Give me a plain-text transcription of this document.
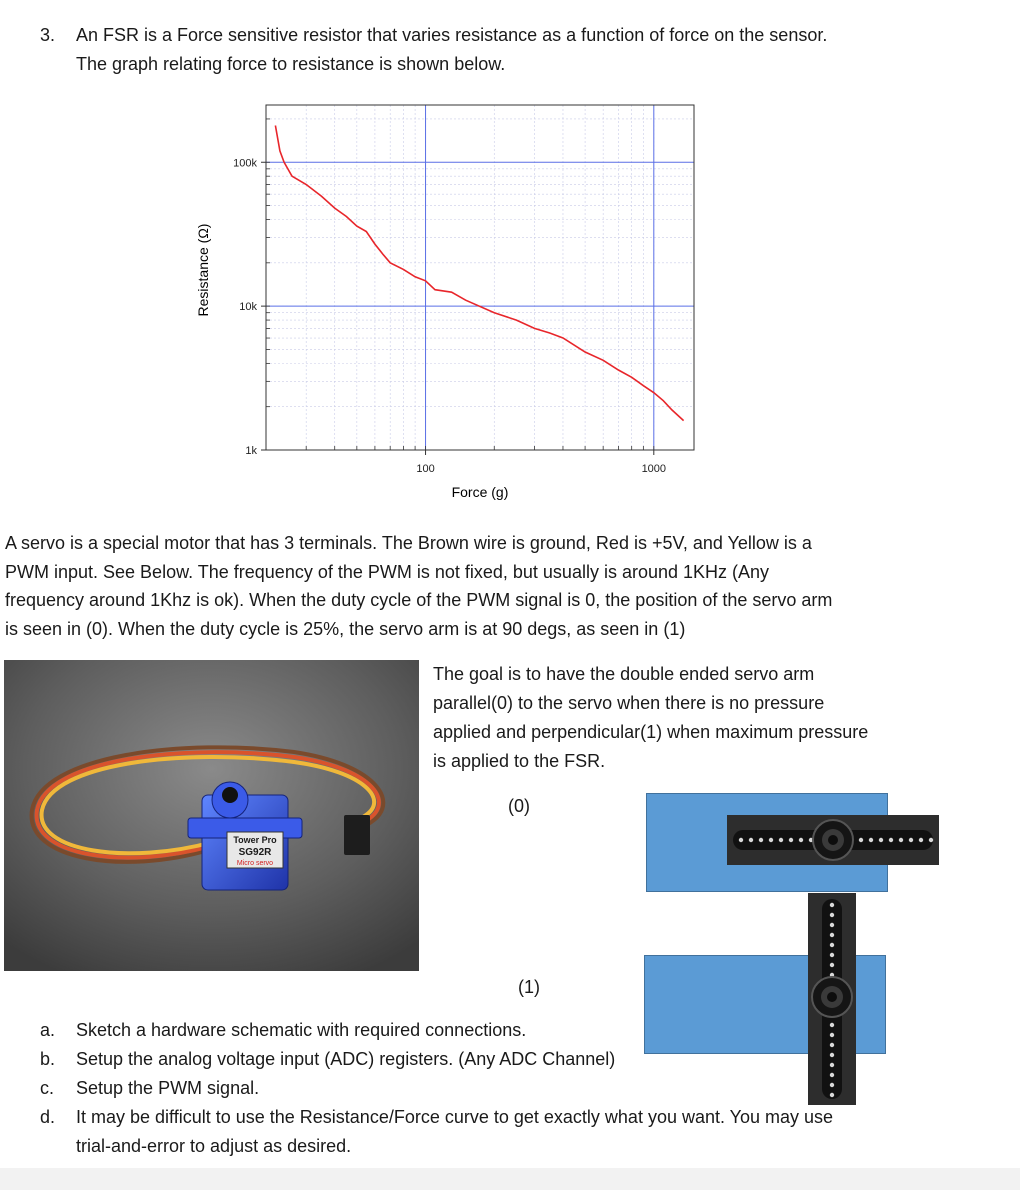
3. An FSR is a Force sensitive resistor that varies resistance as a function of force on the sensor.
The graph relating force to resistance is shown below.
100	1000
100k
10k
1k
Force (g)
Resistance (Ω)
A servo is a special motor that has 3 terminals. The Brown wire is ground, Red is +5V, and Yellow is a
PWM input. See Below. The frequency of the PWM is not fixed, but usually is around 1KHz (Any
frequency around 1Khz is ok). When the duty cycle of the PWM signal is 0, the position of the servo arm
is seen in (0). When the duty cycle is 25%, the servo arm is at 90 degs, as seen in (1)
Tower Pro
SG92R
Micro servo
The goal is to have the double ended servo arm
parallel(0) to the servo when there is no pressure
applied and perpendicular(1) when maximum pressure
is applied to the FSR.
(0)
(1)
a. Sketch a hardware schematic with required connections.
b. Setup the analog voltage input (ADC) registers. (Any ADC Channel)
c. Setup the PWM signal.
d. It may be difficult to use the Resistance/Force curve to get exactly what you want. You may use
trial-and-error to adjust as desired.
